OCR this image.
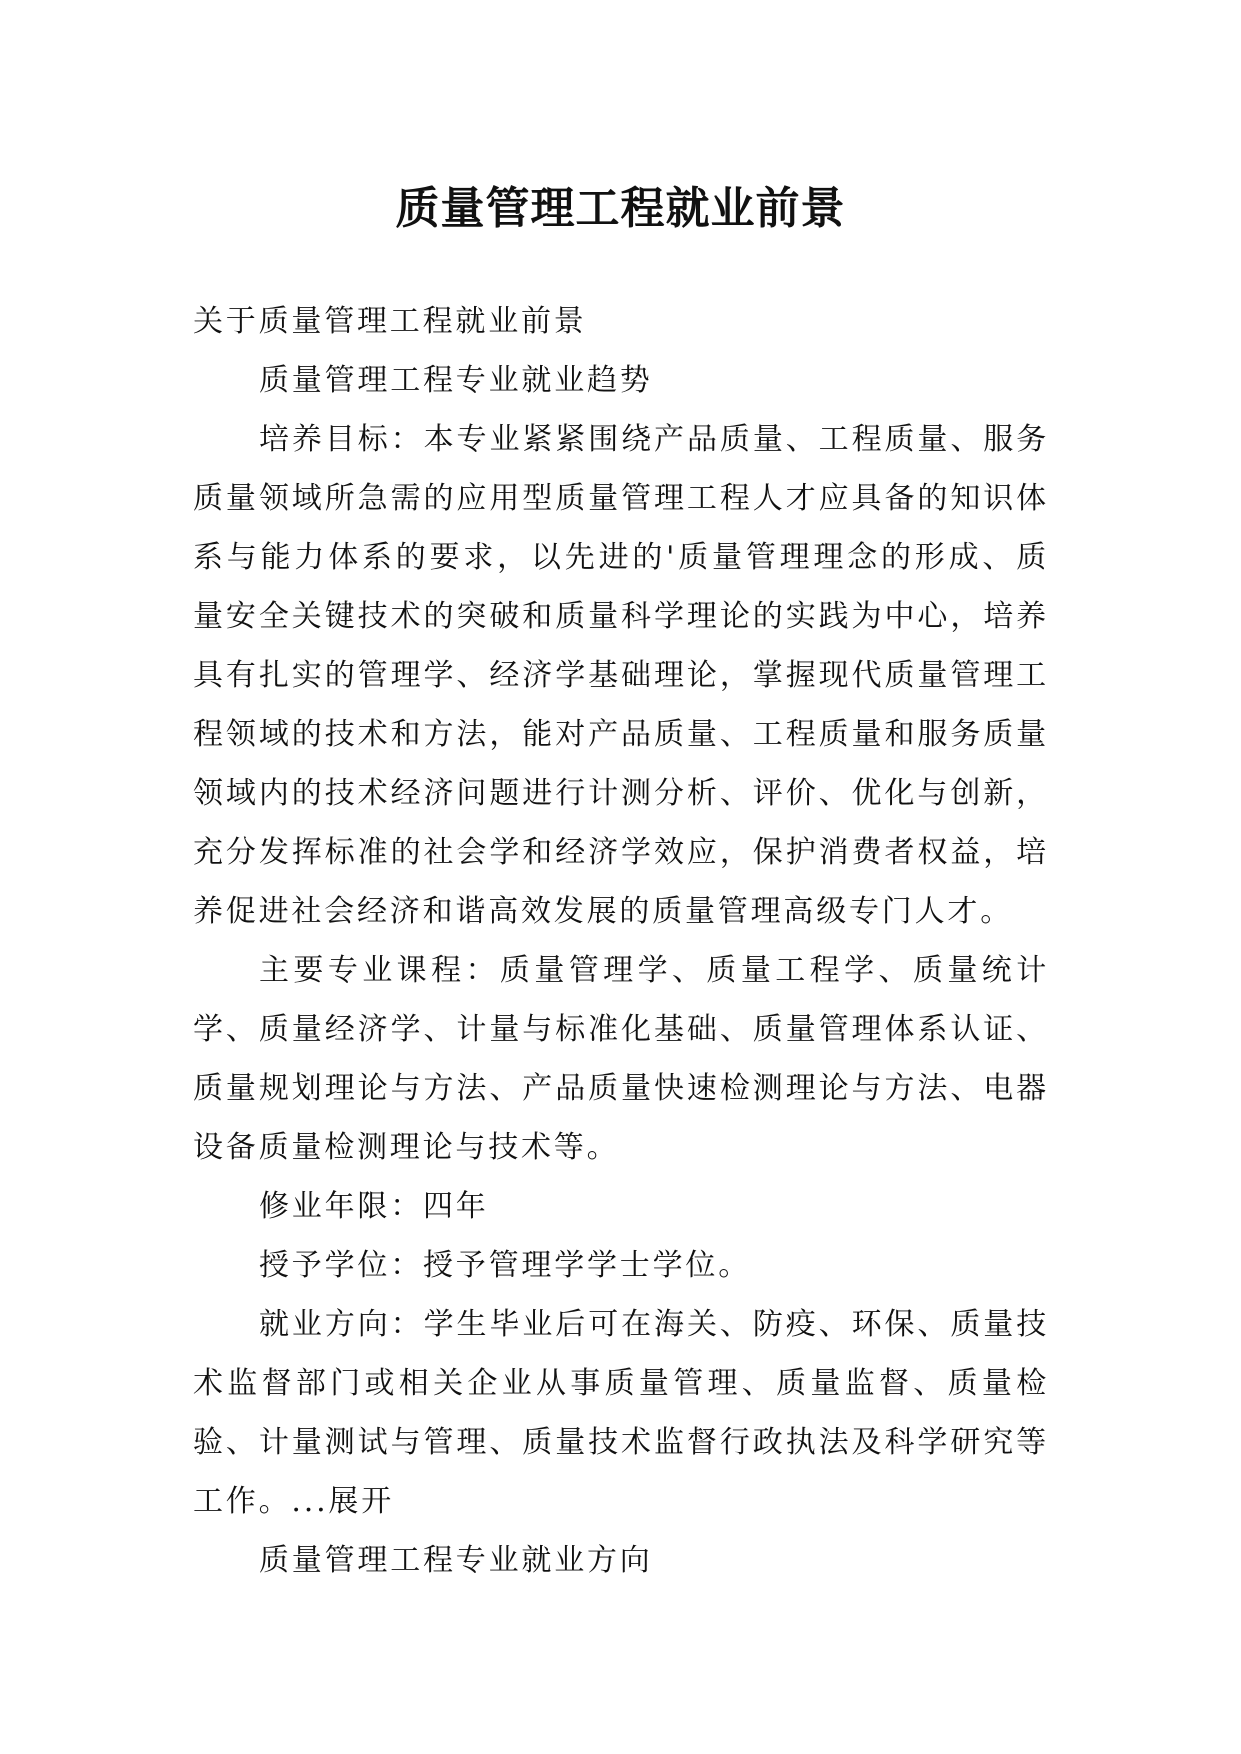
质量管理工程就业前景

关于质量管理工程就业前景

质量管理工程专业就业趋势

培养目标：本专业紧紧围绕产品质量、工程质量、服务质量领域所急需的应用型质量管理工程人才应具备的知识体系与能力体系的要求，以先进的'质量管理理念的形成、质量安全关键技术的突破和质量科学理论的实践为中心，培养具有扎实的管理学、经济学基础理论，掌握现代质量管理工程领域的技术和方法，能对产品质量、工程质量和服务质量领域内的技术经济问题进行计测分析、评价、优化与创新，充分发挥标准的社会学和经济学效应，保护消费者权益，培养促进社会经济和谐高效发展的质量管理高级专门人才。

主要专业课程：质量管理学、质量工程学、质量统计学、质量经济学、计量与标准化基础、质量管理体系认证、质量规划理论与方法、产品质量快速检测理论与方法、电器设备质量检测理论与技术等。

修业年限：四年

授予学位：授予管理学学士学位。

就业方向：学生毕业后可在海关、防疫、环保、质量技术监督部门或相关企业从事质量管理、质量监督、质量检验、计量测试与管理、质量技术监督行政执法及科学研究等工作。...展开

质量管理工程专业就业方向
